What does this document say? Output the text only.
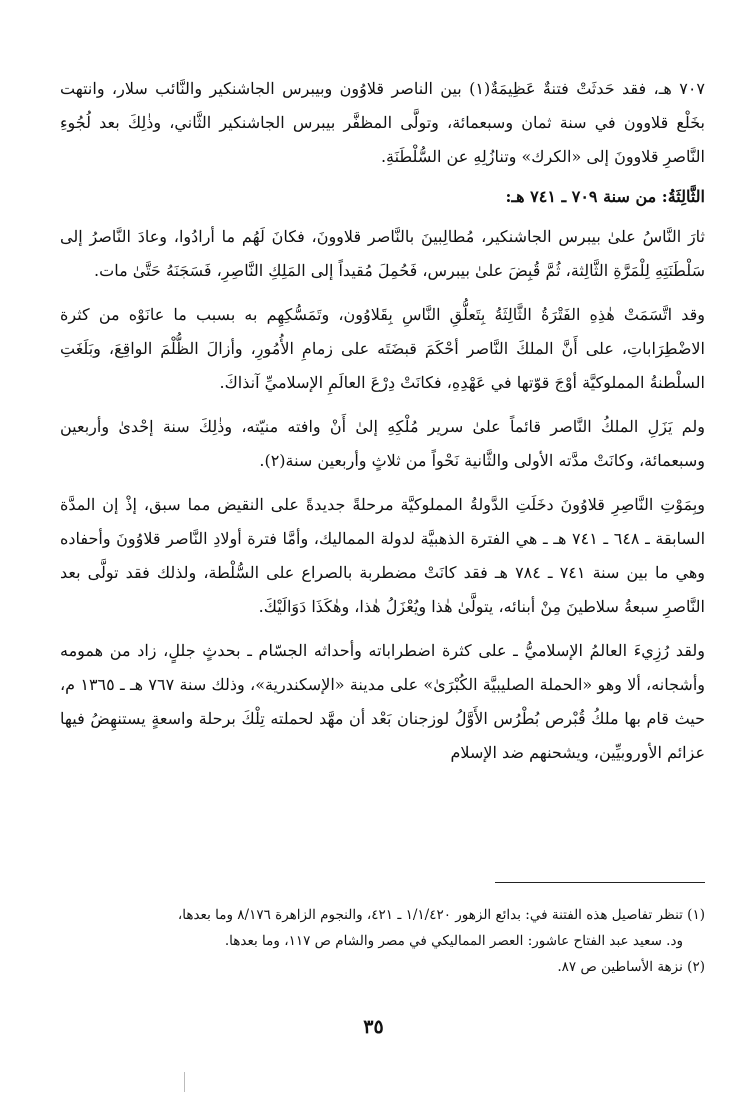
٧٠٧ هـ، فقد حَدثَتْ فتنةٌ عَظِيمَةٌ(١) بين الناصر قلاوُون وبيبرس الجاشنكير والنَّائب سلار، وانتهت بخَلْع قلاوون في سنة ثمان وسبعمائة، وتولَّى المظفَّر بيبرس الجاشنكير الثَّاني، وذٰلِكَ بعد لُجُوءِ النَّاصرِ قلاوونَ إلى «الكرك» وتنازُلِهِ عن السُّلْطَنَةِ.

الثَّالِثَةُ: من سنة ٧٠٩ ـ ٧٤١ هـ:

ثارَ النَّاسُ علىٰ بيبرس الجاشنكير، مُطالِبينَ بالنَّاصر قلاوونَ، فكانَ لَهُم ما أرادُوا، وعادَ النَّاصرُ إلى سَلْطَنَتِهِ لِلْمَرَّةِ الثَّالِثة، ثُمَّ قُبِضَ علىٰ بيبرس، فَحُمِلَ مُقيداً إلى المَلِكِ النَّاصِرِ، فَسَجَنَهُ حَتَّىٰ مات.

وقد اتَّسَمَتْ هٰذِهِ الفَتْرَةُ الثَّالِثَةُ بِتَعلُّقِ النَّاسِ بِقَلاوُون، وتَمَسُّكِهِم به بسبب ما عانَوْه من كثرة الاضْطِرَاباتِ، على أَنَّ الملكَ النَّاصر أحْكَمَ قبضَتَه على زمامِ الأُمُورِ، وأزالَ الظُّلْمَ الواقِعَ، وبَلَغَتِ السلْطنةُ المملوكيَّة أوْجَ قوّتها في عَهْدِهِ، فكانَتْ دِرْعَ العالَمِ الإسلاميِّ آنذاكَ.

ولم يَزَلِ الملكُ النَّاصر قائماً علىٰ سرير مُلْكِهِ إلىٰ أَنْ وافته منيّته، وذٰلِكَ سنة إحْدىٰ وأربعين وسبعمائة، وكانَتْ مدَّته الأولى والثَّانية نَحْواً من ثلاثٍ وأربعين سنة(٢).

وبِمَوْتِ النَّاصِرِ قلاوُونَ دخَلَتِ الدَّولةُ المملوكيَّة مرحلةً جديدةً على النقيض مما سبق، إذْ إن المدَّة السابقة ـ ٦٤٨ ـ ٧٤١ هـ ـ هي الفترة الذهبيَّة لدولة المماليك، وأمَّا فترة أولادِ النَّاصر قلاوُونَ وأحفاده وهي ما بين سنة ٧٤١ ـ ٧٨٤ هـ فقد كانَتْ مضطربة بالصراع على السُّلْطة، ولذلك فقد تولَّى بعد النَّاصرِ سبعةُ سلاطينَ مِنْ أبنائه، يتولَّىٰ هٰذا ويُعْزَلُ هٰذا، وهٰكَذَا دَوَالَيْكَ.

ولقد رُزِيءَ العالمُ الإسلاميُّ ـ على كثرة اضطراباته وأحداثه الجسّام ـ بحدثٍ جللٍ، زاد من همومه وأشجانه، ألا وهو «الحملة الصليبيَّة الكُبْرَىٰ» على مدينة «الإسكندرية»، وذلك سنة ٧٦٧ هـ ـ ١٣٦٥ م، حيث قام بها ملكُ قُبْرص بُطْرُس الأَوَّلُ لوزجنان بَعْد أن مهَّد لحملته تِلْكَ برحلة واسعةٍ يستنهِضُ فيها عزائم الأوروبيِّين، ويشحنهم ضد الإسلام

(١) تنظر تفاصيل هذه الفتنة في: بدائع الزهور ١/١/٤٢٠ ـ ٤٢١، والنجوم الزاهرة ٨/١٧٦ وما بعدها،

ود. سعيد عبد الفتاح عاشور: العصر المماليكي في مصر والشام ص ١١٧، وما بعدها.

(٢) نزهة الأساطين ص ٨٧.

٣٥
